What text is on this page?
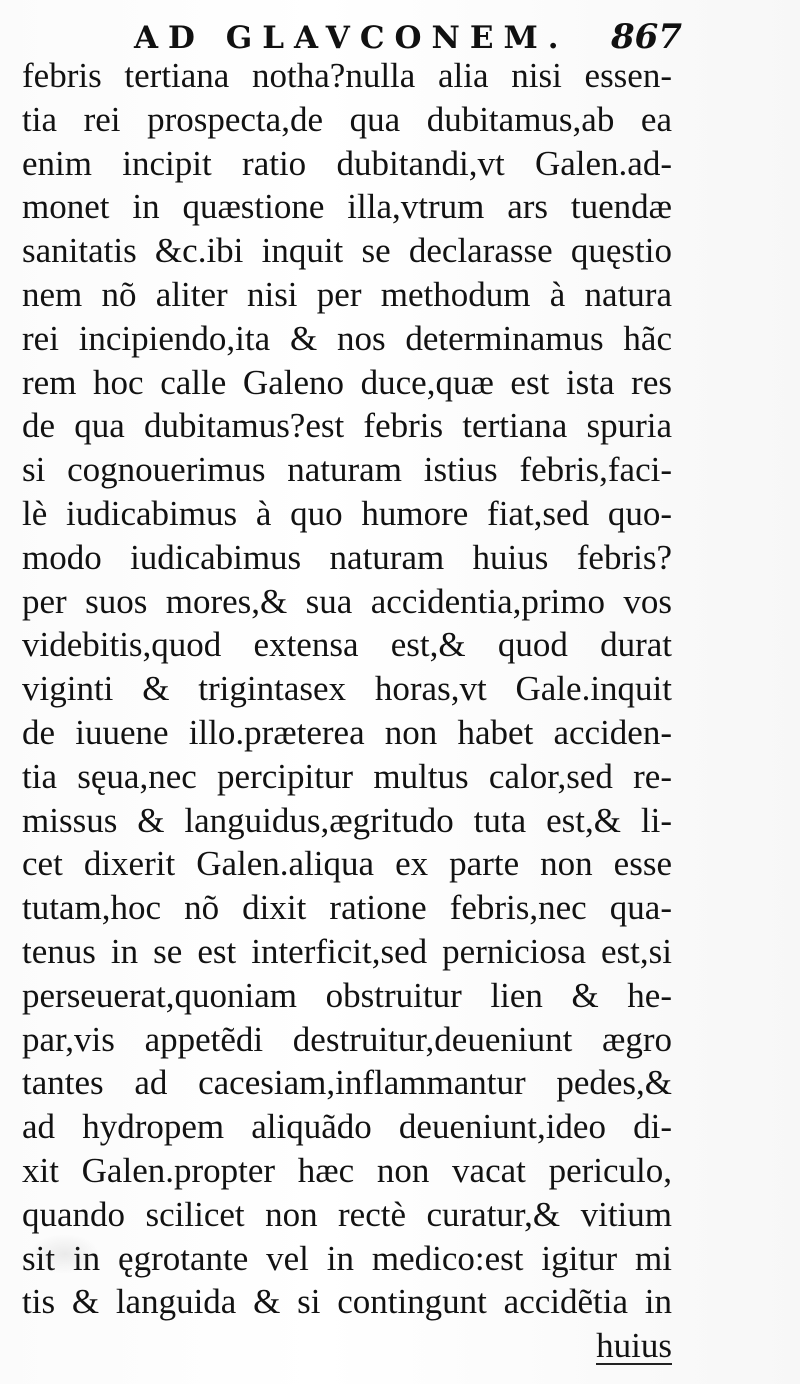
AD GLAVCONEM. 867
febris tertiana notha?nulla alia nisi essen-
tia rei prospecta,de qua dubitamus,ab ea
enim incipit ratio dubitandi,vt Galen.ad-
monet in quæstione illa,vtrum ars tuendæ
sanitatis &c.ibi inquit se declarasse quęstio
nem nõ aliter nisi per methodum à natura
rei incipiendo,ita & nos determinamus hãc
rem hoc calle Galeno duce,quæ est ista res
de qua dubitamus?est febris tertiana spuria
si cognouerimus naturam istius febris,faci-
lè iudicabimus à quo humore fiat,sed quo-
modo iudicabimus naturam huius febris?
per suos mores,& sua accidentia,primo vos
videbitis,quod extensa est,& quod durat
viginti & trigintasex horas,vt Gale.inquit
de iuuene illo.præterea non habet acciden-
tia sęua,nec percipitur multus calor,sed re-
missus & languidus,ægritudo tuta est,& li-
cet dixerit Galen.aliqua ex parte non esse
tutam,hoc nõ dixit ratione febris,nec qua-
tenus in se est interficit,sed perniciosa est,si
perseuerat,quoniam obstruitur lien & he-
par,vis appetẽdi destruitur,deueniunt ægro
tantes ad cacesiam,inflammantur pedes,&
ad hydropem aliquãdo deueniunt,ideo di-
xit Galen.propter hæc non vacat periculo,
quando scilicet non rectè curatur,& vitium
sit in ęgrotante vel in medico:est igitur mi
tis & languida & si contingunt accidẽtia in
huius
